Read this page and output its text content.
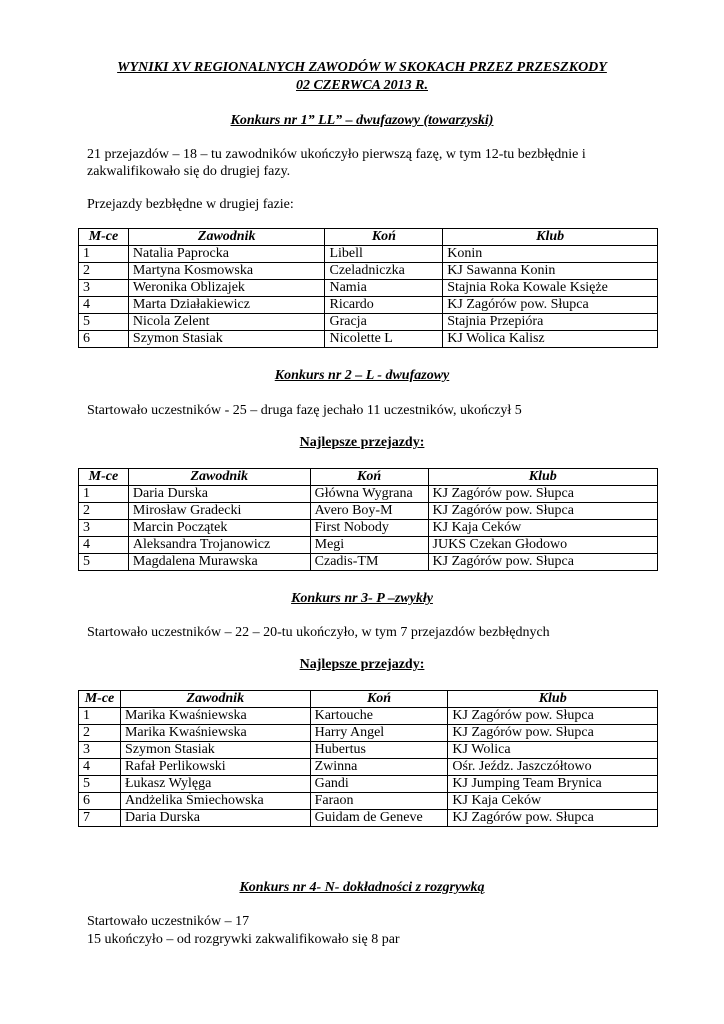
WYNIKI XV REGIONALNYCH ZAWODÓW W SKOKACH PRZEZ PRZESZKODY
02 CZERWCA 2013 R.
Konkurs nr 1” LL” – dwufazowy (towarzyski)
21 przejazdów – 18 – tu zawodników ukończyło pierwszą fazę, w tym 12-tu bezbłędnie i
zakwalifikowało się do drugiej fazy.
Przejazdy bezbłędne w drugiej fazie:
M-ce	Zawodnik	Koń	Klub
1	Natalia Paprocka	Libell	Konin
2	Martyna Kosmowska	Czeladniczka	KJ Sawanna Konin
3	Weronika Oblizajek	Namia	Stajnia Roka Kowale Księże
4	Marta Działakiewicz	Ricardo	KJ Zagórów pow. Słupca
5	Nicola Zelent	Gracja	Stajnia Przepióra
6	Szymon Stasiak	Nicolette L	KJ Wolica Kalisz
Konkurs nr 2 – L - dwufazowy
Startowało uczestników - 25 – druga fazę jechało 11 uczestników, ukończył 5
Najlepsze przejazdy:
M-ce	Zawodnik	Koń	Klub
1	Daria Durska	Główna Wygrana	KJ Zagórów pow. Słupca
2	Mirosław Gradecki	Avero Boy-M	KJ Zagórów pow. Słupca
3	Marcin Początek	First Nobody	KJ Kaja Ceków
4	Aleksandra Trojanowicz	Megi	JUKS Czekan Głodowo
5	Magdalena Murawska	Czadis-TM	KJ Zagórów pow. Słupca
Konkurs nr 3- P –zwykły
Startowało uczestników – 22 – 20-tu ukończyło, w tym 7 przejazdów bezbłędnych
Najlepsze przejazdy:
M-ce	Zawodnik	Koń	Klub
1	Marika Kwaśniewska	Kartouche	KJ Zagórów pow. Słupca
2	Marika Kwaśniewska	Harry Angel	KJ Zagórów pow. Słupca
3	Szymon Stasiak	Hubertus	KJ Wolica
4	Rafał Perlikowski	Zwinna	Ośr. Jeźdz. Jaszczółtowo
5	Łukasz Wylęga	Gandi	KJ Jumping Team Brynica
6	Andżelika Śmiechowska	Faraon	KJ Kaja Ceków
7	Daria Durska	Guidam de Geneve	KJ Zagórów pow. Słupca
Konkurs nr 4- N- dokładności z rozgrywką
Startowało uczestników – 17
15 ukończyło – od rozgrywki zakwalifikowało się 8 par
